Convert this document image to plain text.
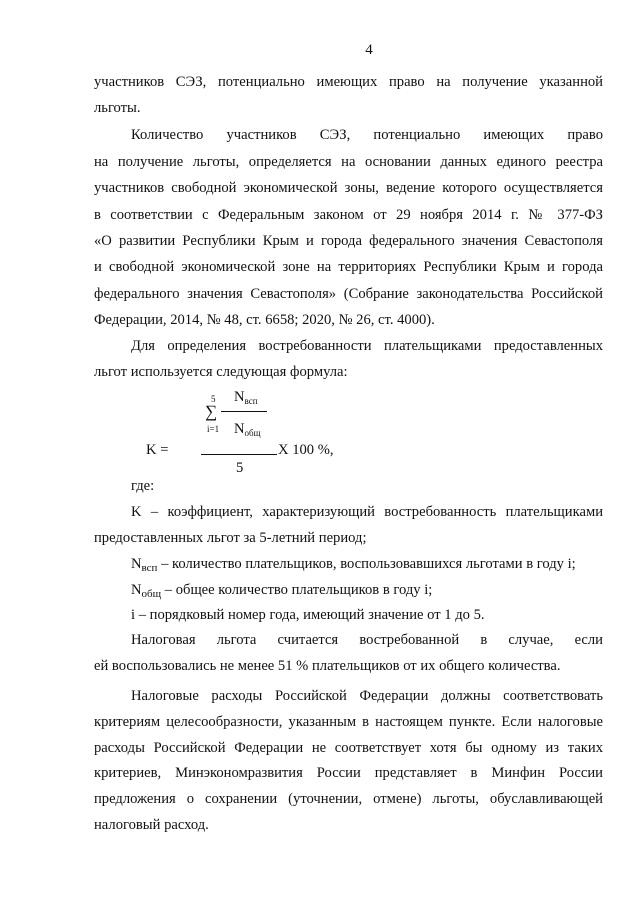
4

участников СЭЗ, потенциально имеющих право на получение указанной

льготы.

Количество участников СЭЗ, потенциально имеющих право

на получение льготы, определяется на основании данных единого реестра

участников свободной экономической зоны, ведение которого осуществляется

в соответствии с Федеральным законом от 29 ноября 2014 г. № 377-ФЗ

«О развитии Республики Крым и города федерального значения Севастополя

и свободной экономической зоне на территориях Республики Крым и города

федерального значения Севастополя» (Собрание законодательства Российской

Федерации, 2014, № 48, ст. 6658; 2020, № 26, ст. 4000).

Для определения востребованности плательщиками предоставленных

льгот используется следующая формула:

5
∑
i=1
$N_{всп}$
$N_{общ}$
K =	X 100 %,
5

где:

K – коэффициент, характеризующий востребованность плательщиками

предоставленных льгот за 5-летний период;

$N_{всп}$ – количество плательщиков, воспользовавшихся льготами в году i;

$N_{общ}$ – общее количество плательщиков в году i;

i – порядковый номер года, имеющий значение от 1 до 5.

Налоговая льгота считается востребованной в случае, если

ей воспользовались не менее 51 % плательщиков от их общего количества.

Налоговые расходы Российской Федерации должны соответствовать

критериям целесообразности, указанным в настоящем пункте. Если налоговые

расходы Российской Федерации не соответствует хотя бы одному из таких

критериев, Минэкономразвития России представляет в Минфин России

предложения о сохранении (уточнении, отмене) льготы, обуславливающей

налоговый расход.
